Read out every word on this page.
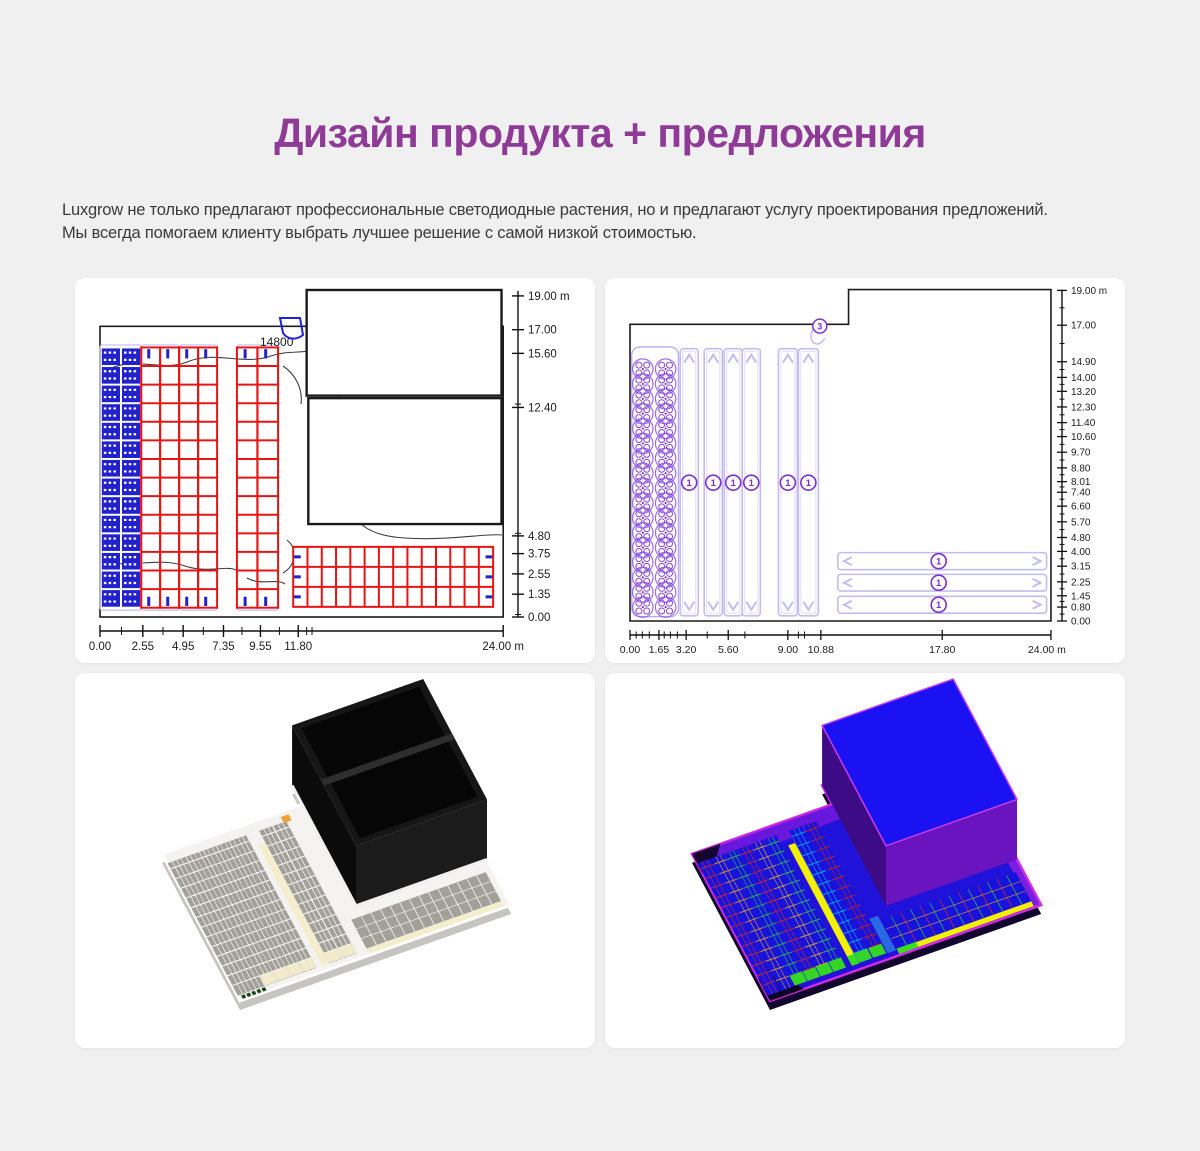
Дизайн продукта + предложения
Luxgrow не только предлагают профессиональные светодиодные растения, но и предлагают услугу проектирования предложений.
Мы всегда помогаем клиенту выбрать лучшее решение с самой низкой стоимостью.
14800
19.00 m
17.00
15.60
12.40
4.80
3.75
2.55
1.35
0.00
0.00 2.55 4.95 7.35 9.55 11.80	24.00 m
1 1 1 1	1 1
1
1
1
3
19.00 m
17.00
14.90
14.00
13.20
12.30
11.40
10.60
9.70
8.80
8.01
7.40
6.60
5.70
4.80
4.00
3.15
2.25
1.45
0.80
0.00
0.00 1.65 3.20 5.60	9.00 10.88	17.80	24.00 m
